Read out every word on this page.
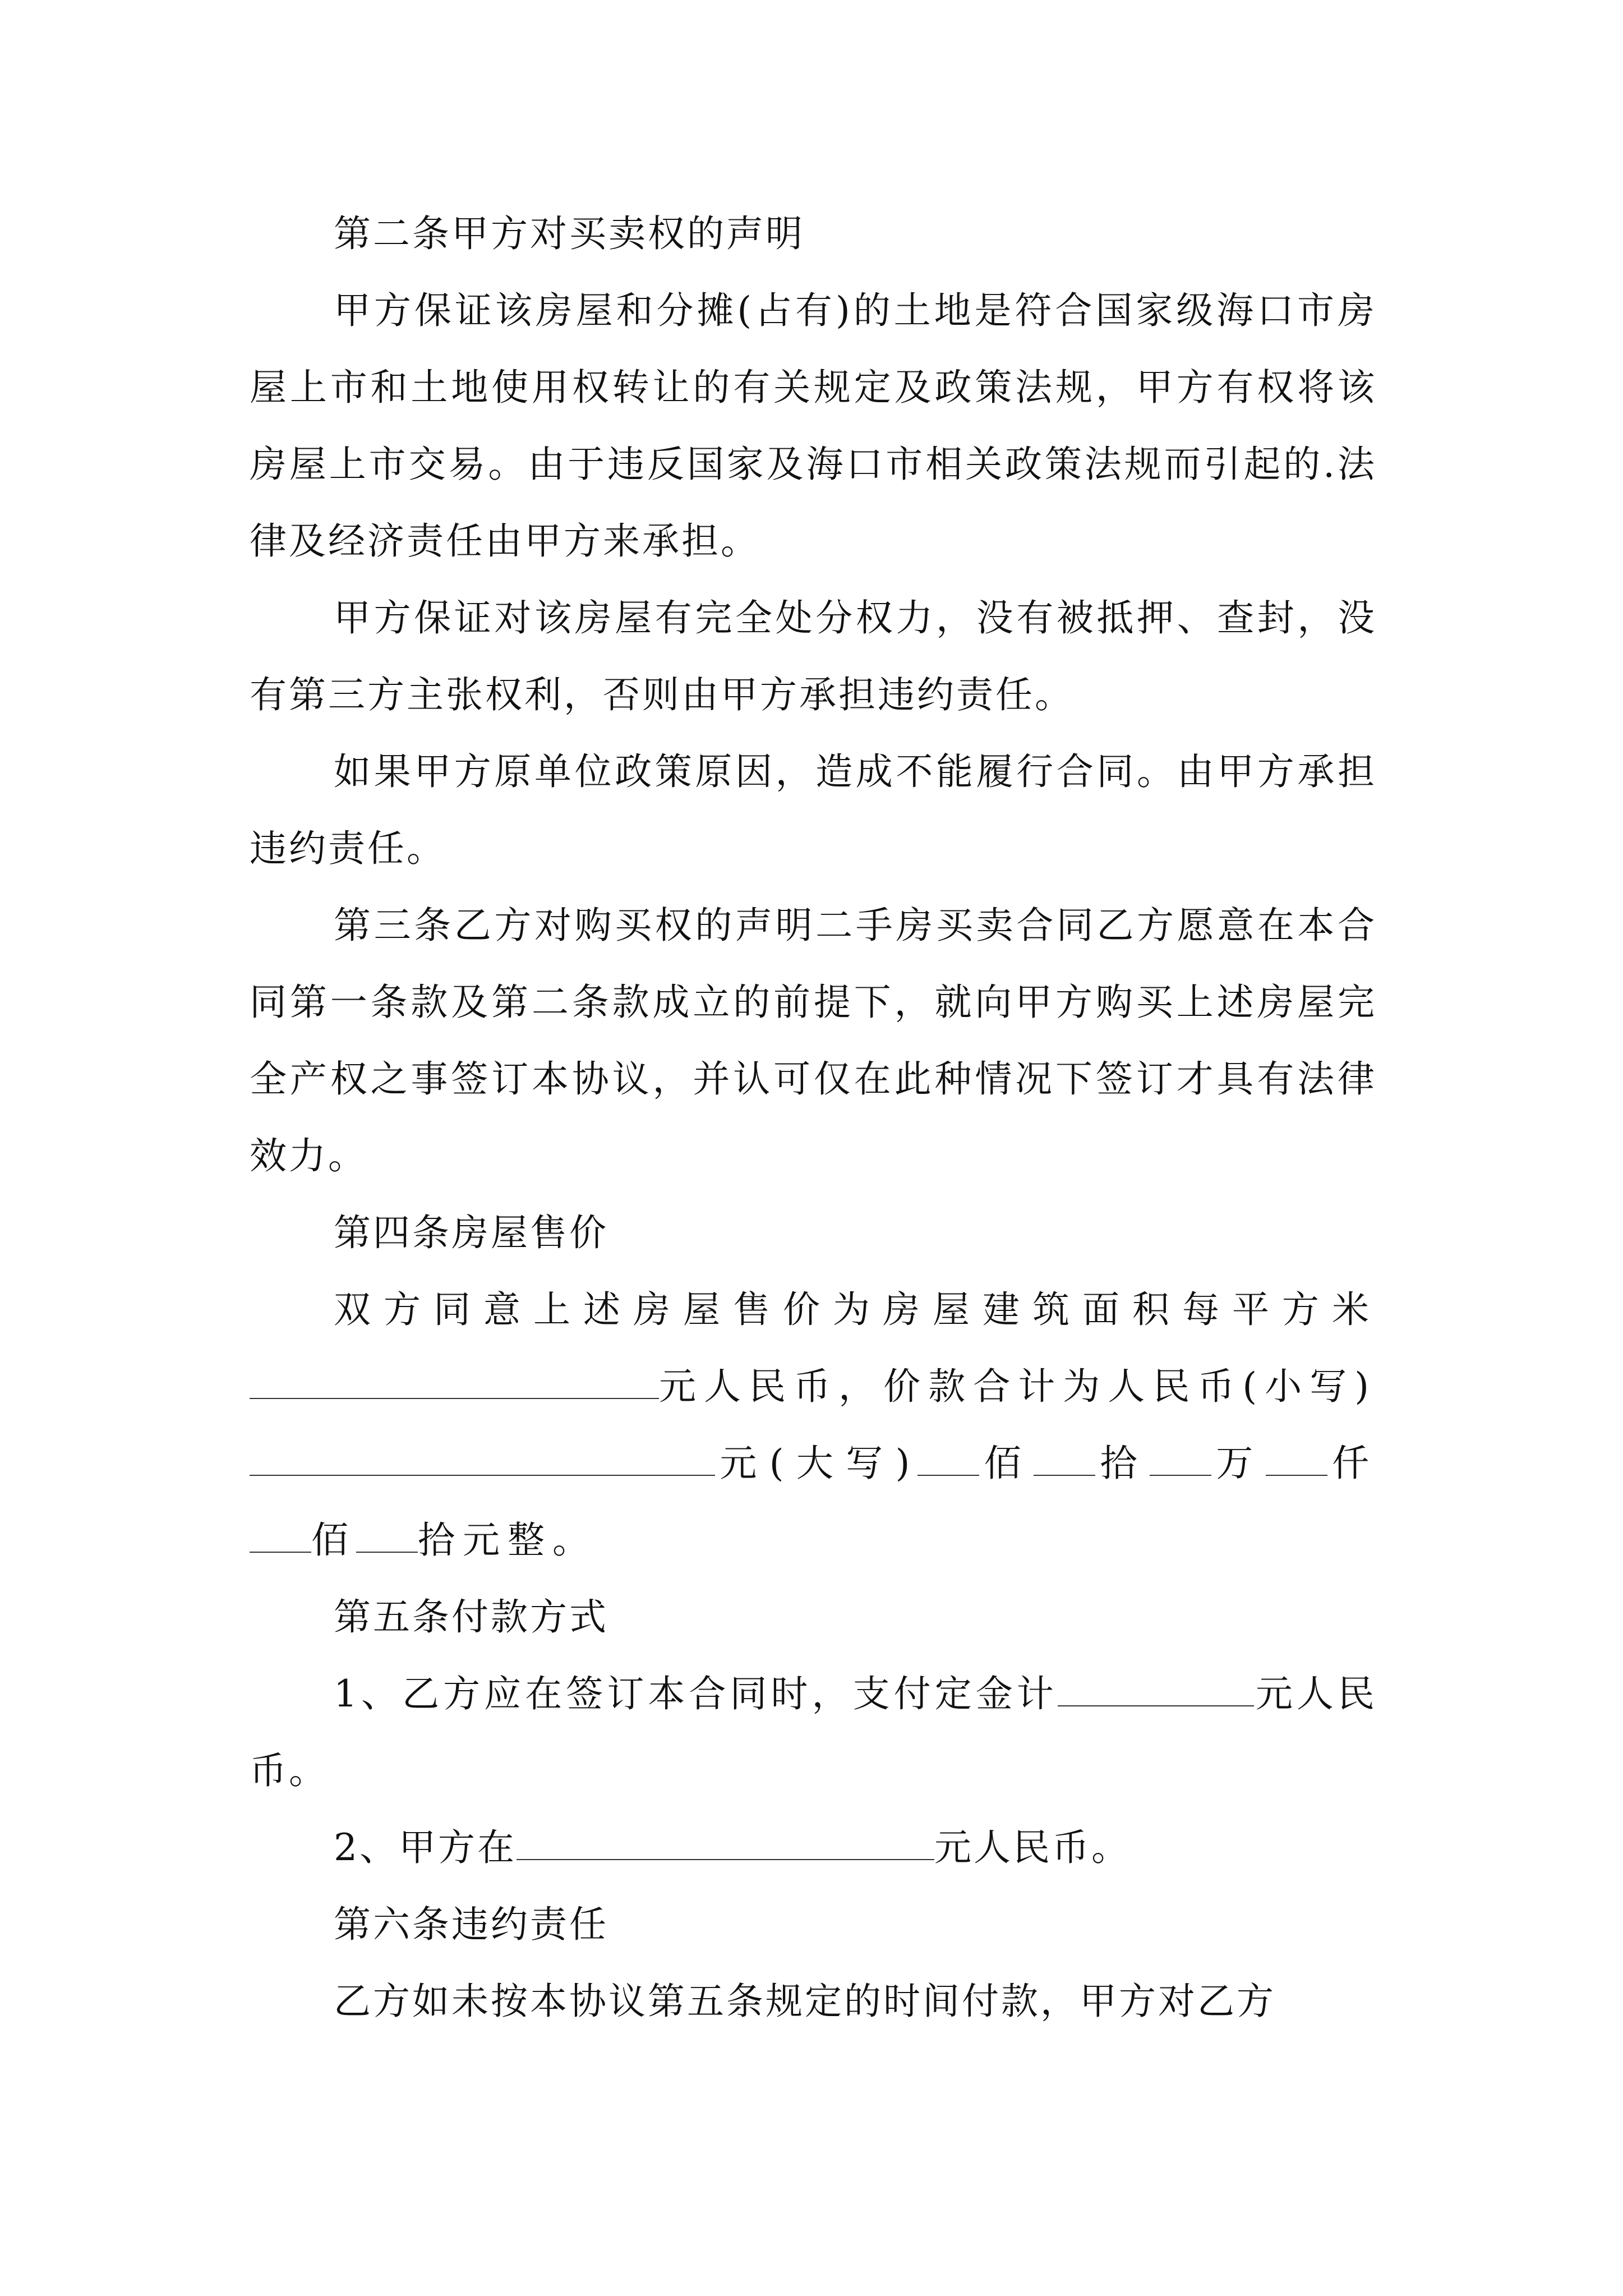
第二条甲方对买卖权的声明

甲方保证该房屋和分摊(占有)的土地是符合国家级海口市房屋上市和土地使用权转让的有关规定及政策法规，甲方有权将该房屋上市交易。由于违反国家及海口市相关政策法规而引起的.法律及经济责任由甲方来承担。

甲方保证对该房屋有完全处分权力，没有被抵押、查封，没有第三方主张权利，否则由甲方承担违约责任。

如果甲方原单位政策原因，造成不能履行合同。由甲方承担违约责任。

第三条乙方对购买权的声明二手房买卖合同乙方愿意在本合同第一条款及第二条款成立的前提下，就向甲方购买上述房屋完全产权之事签订本协议，并认可仅在此种情况下签订才具有法律效力。

第四条房屋售价

双方同意上述房屋售价为房屋建筑面积每平方米元人民币，价款合计为人民币(小写)元(大写) 佰 拾 万 仟佰 拾元整。

第五条付款方式

1、乙方应在签订本合同时，支付定金计	元人民币。

2、甲方在	元人民币。

第六条违约责任

乙方如未按本协议第五条规定的时间付款，甲方对乙方
